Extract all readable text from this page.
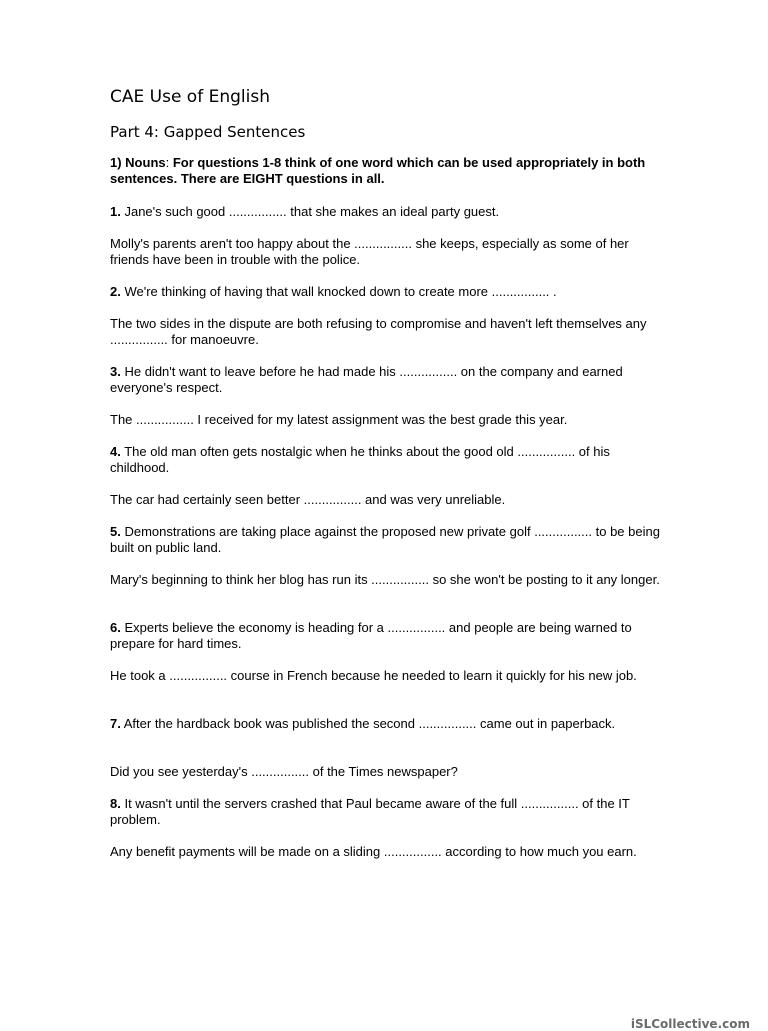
CAE Use of English
Part 4: Gapped Sentences
1) Nouns: For questions 1-8 think of one word which can be used appropriately in both sentences. There are EIGHT questions in all.
1. Jane's such good ................ that she makes an ideal party guest.
Molly's parents aren't too happy about the ................ she keeps, especially as some of her friends have been in trouble with the police.
2. We're thinking of having that wall knocked down to create more ................ .
The two sides in the dispute are both refusing to compromise and haven't left themselves any ................ for manoeuvre.
3. He didn't want to leave before he had made his ................ on the company and earned everyone's respect.
The ................ I received for my latest assignment was the best grade this year.
4. The old man often gets nostalgic when he thinks about the good old ................ of his childhood.
The car had certainly seen better ................ and was very unreliable.
5. Demonstrations are taking place against the proposed new private golf ................ to be being built on public land.
Mary's beginning to think her blog has run its ................ so she won't be posting to it any longer.
6. Experts believe the economy is heading for a ................ and people are being warned to prepare for hard times.
He took a ................ course in French because he needed to learn it quickly for his new job.
7. After the hardback book was published the second ................ came out in paperback.
Did you see yesterday's ................ of the Times newspaper?
8. It wasn't until the servers crashed that Paul became aware of the full ................ of the IT problem.
Any benefit payments will be made on a sliding ................ according to how much you earn.
iSLCollective.com
